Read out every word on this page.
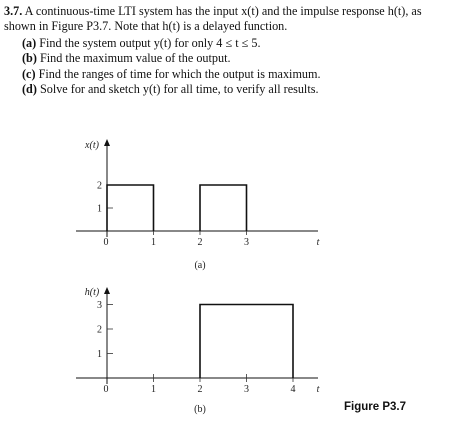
3.7. A continuous-time LTI system has the input x(t) and the impulse response h(t), as
shown in Figure P3.7. Note that h(t) is a delayed function.
(a) Find the system output y(t) for only 4 ≤ t ≤ 5.
(b) Find the maximum value of the output.
(c) Find the ranges of time for which the output is maximum.
(d) Solve for and sketch y(t) for all time, to verify all results.
x(t)
t
0	1	2	3
1
2
(a)
h(t)
t
0	1	2	3	4
1
2
3
(b)	Figure P3.7
